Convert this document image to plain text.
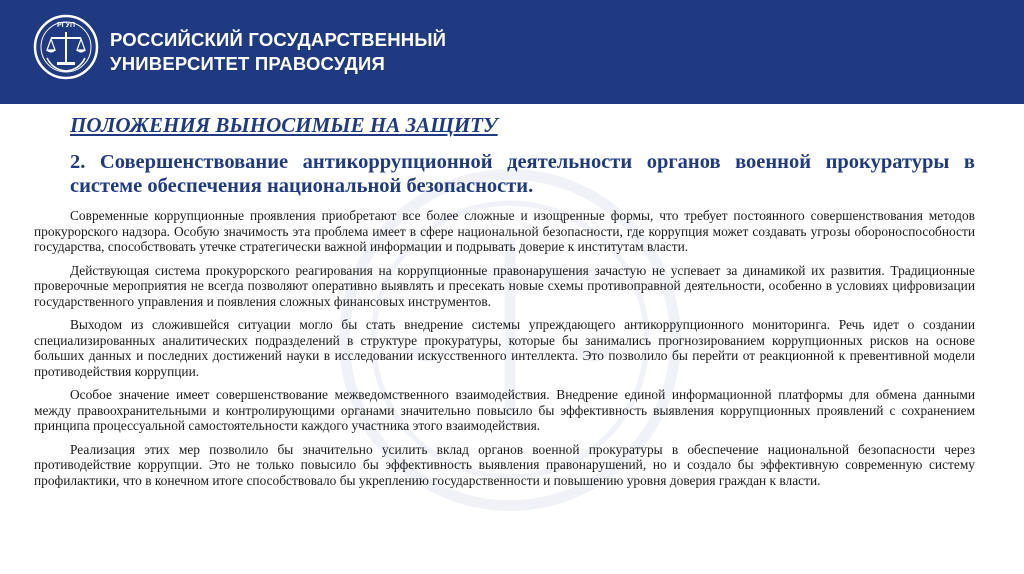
РГУП
РОССИЙСКИЙ ГОСУДАРСТВЕННЫЙ
УНИВЕРСИТЕТ ПРАВОСУДИЯ
ПОЛОЖЕНИЯ ВЫНОСИМЫЕ НА ЗАЩИТУ
2. Совершенствование антикоррупционной деятельности органов военной прокуратуры в системе обеспечения национальной безопасности.

Современные коррупционные проявления приобретают все более сложные и изощренные формы, что требует постоянного совершенствования методов прокурорского надзора. Особую значимость эта проблема имеет в сфере национальной безопасности, где коррупция может создавать угрозы обороноспособности государства, способствовать утечке стратегически важной информации и подрывать доверие к институтам власти.

Действующая система прокурорского реагирования на коррупционные правонарушения зачастую не успевает за динамикой их развития. Традиционные проверочные мероприятия не всегда позволяют оперативно выявлять и пресекать новые схемы противоправной деятельности, особенно в условиях цифровизации государственного управления и появления сложных финансовых инструментов.

Выходом из сложившейся ситуации могло бы стать внедрение системы упреждающего антикоррупционного мониторинга. Речь идет о создании специализированных аналитических подразделений в структуре прокуратуры, которые бы занимались прогнозированием коррупционных рисков на основе больших данных и последних достижений науки в исследовании искусственного интеллекта. Это позволило бы перейти от реакционной к превентивной модели противодействия коррупции.

Особое значение имеет совершенствование межведомственного взаимодействия. Внедрение единой информационной платформы для обмена данными между правоохранительными и контролирующими органами значительно повысило бы эффективность выявления коррупционных проявлений с сохранением принципа процессуальной самостоятельности каждого участника этого взаимодействия.

Реализация этих мер позволило бы значительно усилить вклад органов военной прокуратуры в обеспечение национальной безопасности через противодействие коррупции. Это не только повысило бы эффективность выявления правонарушений, но и создало бы эффективную современную систему профилактики, что в конечном итоге способствовало бы укреплению государственности и повышению уровня доверия граждан к власти.
